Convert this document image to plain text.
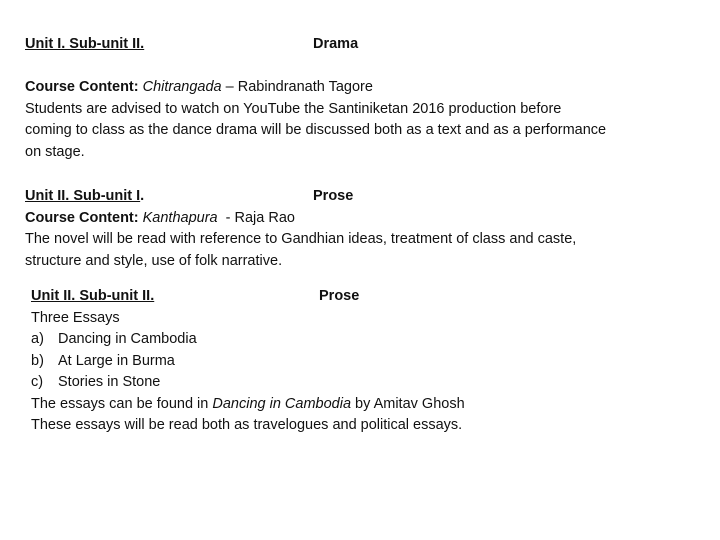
Unit I. Sub-unit II.	Drama
Course Content: Chitrangada – Rabindranath Tagore
Students are advised to watch on YouTube the Santiniketan 2016 production before
coming to class as the dance drama will be discussed both as a text and as a performance
on stage.
Unit II. Sub-unit I.	Prose
Course Content: Kanthapura  - Raja Rao
The novel will be read with reference to Gandhian ideas, treatment of class and caste,
structure and style, use of folk narrative.
Unit II. Sub-unit II.	Prose
Three Essays
a) Dancing in Cambodia
b) At Large in Burma
c) Stories in Stone
The essays can be found in Dancing in Cambodia by Amitav Ghosh
These essays will be read both as travelogues and political essays.
